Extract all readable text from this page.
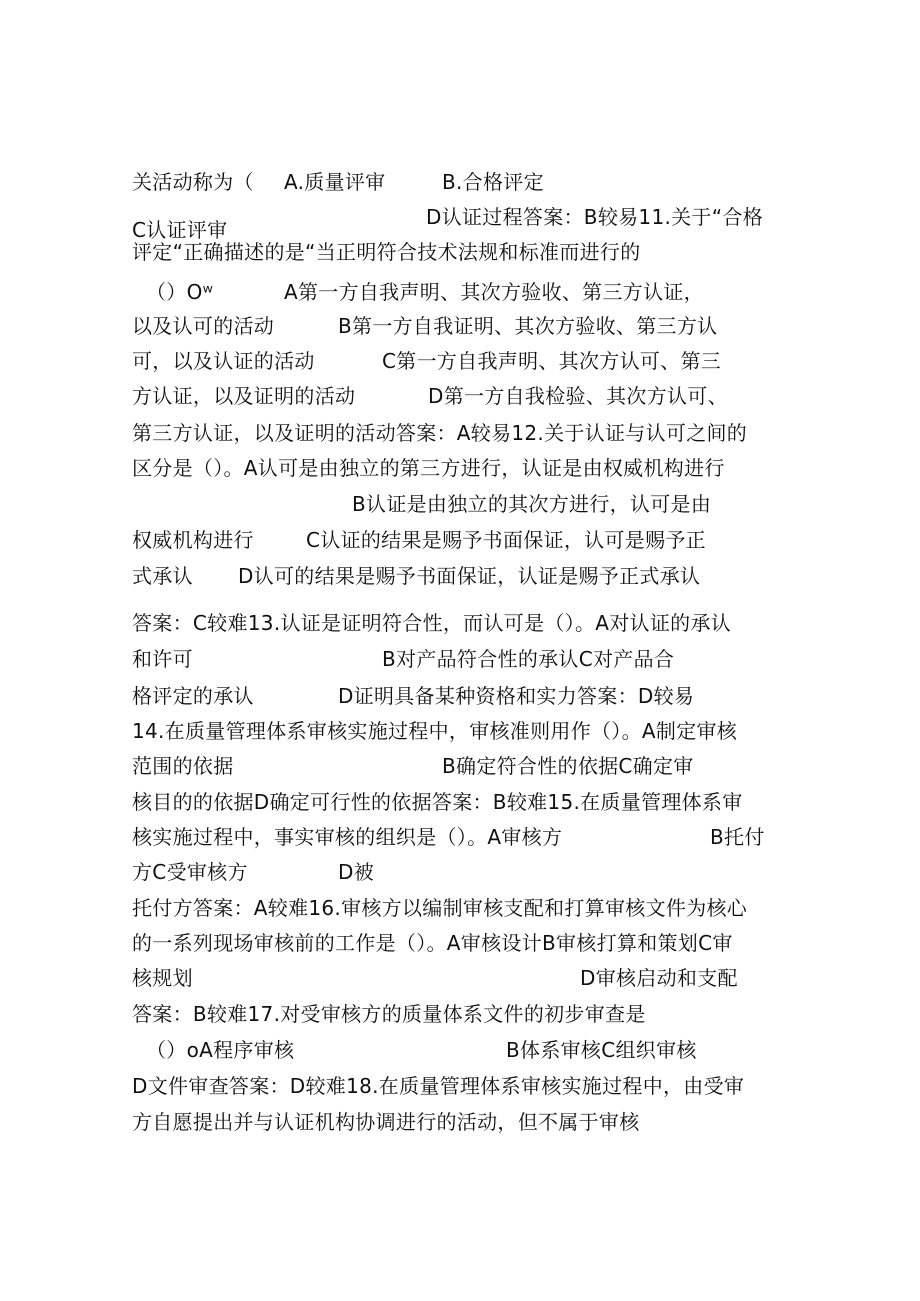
关活动称为（ A.质量评审	B.合格评定
C认证评审
D认证过程答案：B较易11.关于“合格
评定“正确描述的是“当正明符合技术法规和标准而进行的
（）Oʷ	A第一方自我声明、其次方验收、第三方认证，
以及认可的活动	B第一方自我证明、其次方验收、第三方认
可，以及认证的活动	C第一方自我声明、其次方认可、第三
方认证，以及证明的活动	D第一方自我检验、其次方认可、
第三方认证，以及证明的活动答案：A较易12.关于认证与认可之间的
区分是（）。A认可是由独立的第三方进行，认证是由权威机构进行
B认证是由独立的其次方进行，认可是由
权威机构进行	C认证的结果是赐予书面保证，认可是赐予正
式承认 D认可的结果是赐予书面保证，认证是赐予正式承认
答案：C较难13.认证是证明符合性，而认可是（）。A对认证的承认
和许可	B对产品符合性的承认C对产品合
格评定的承认	D证明具备某种资格和实力答案：D较易
14.在质量管理体系审核实施过程中，审核准则用作（）。A制定审核
范围的依据	B确定符合性的依据C确定审
核目的的依据D确定可行性的依据答案：B较难15.在质量管理体系审
核实施过程中，事实审核的组织是（）。A审核方	B托付
方C受审核方	D被
托付方答案：A较难16.审核方以编制审核支配和打算审核文件为核心
的一系列现场审核前的工作是（）。A审核设计B审核打算和策划C审
核规划	D审核启动和支配
答案：B较难17.对受审核方的质量体系文件的初步审查是
（）oA程序审核	B体系审核C组织审核
D文件审查答案：D较难18.在质量管理体系审核实施过程中，由受审
方自愿提出并与认证机构协调进行的活动，但不属于审核
